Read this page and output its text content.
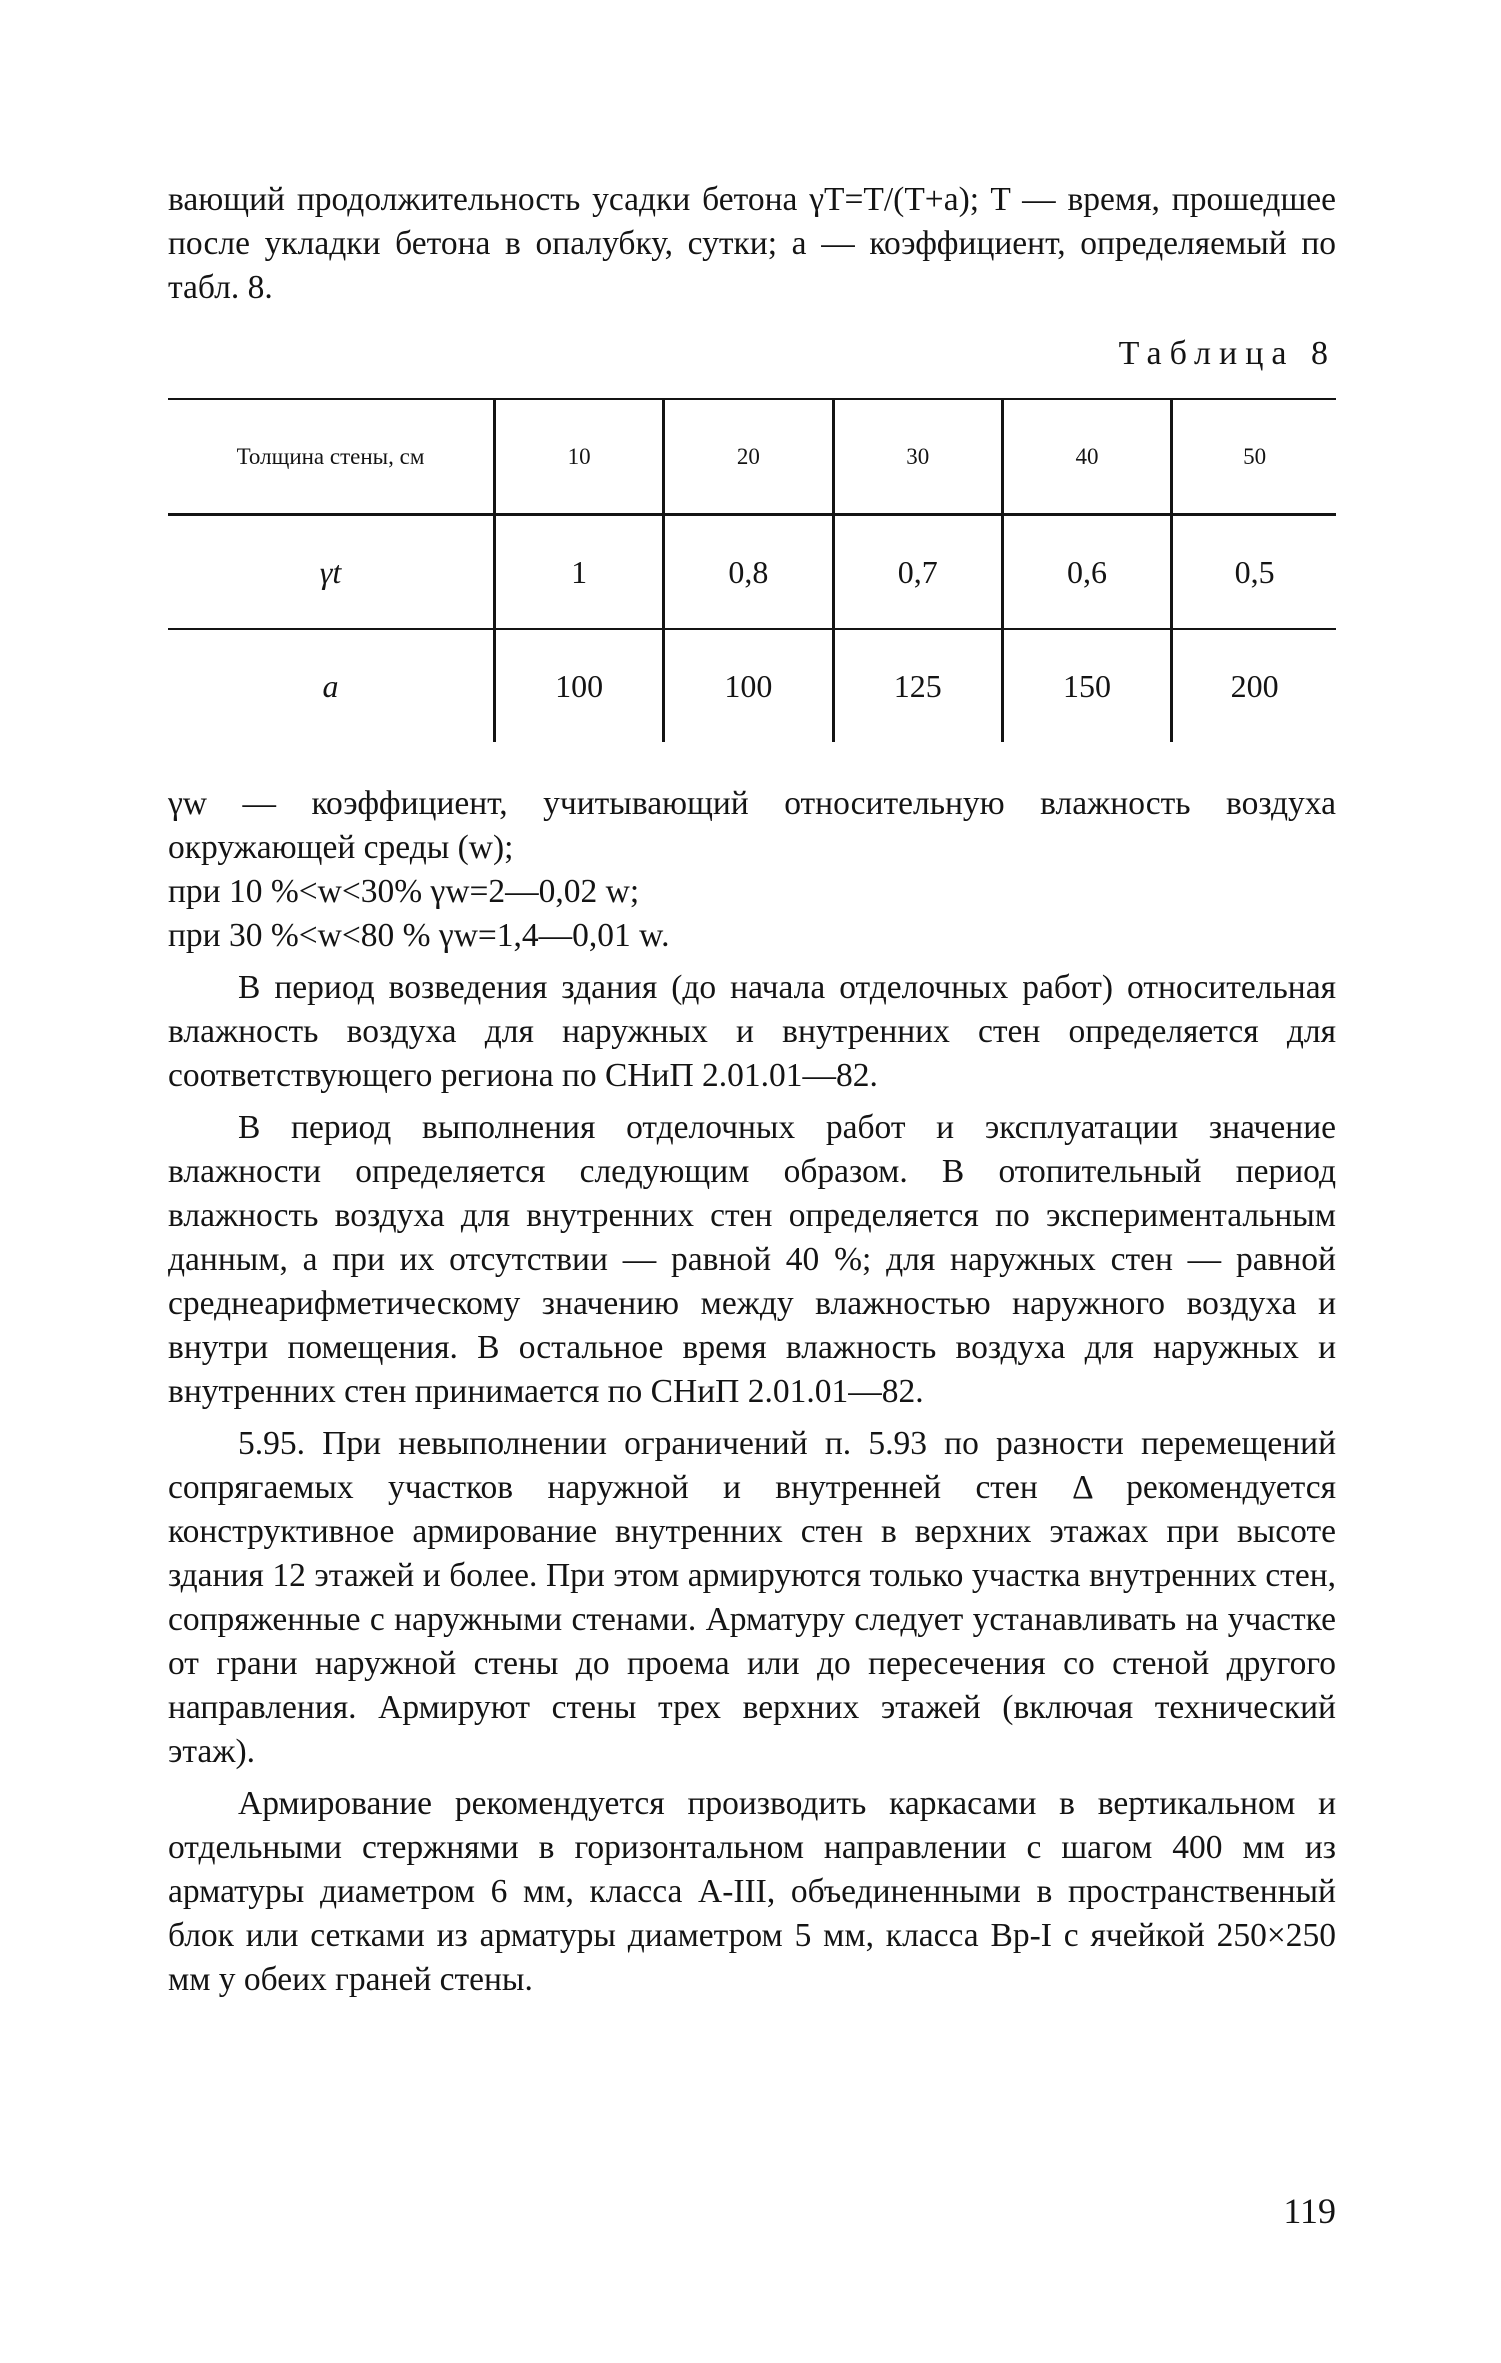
вающий продолжительность усадки бетона γT=T/(T+a); T — время, прошедшее после укладки бетона в опалубку, сутки; a — коэффициент, определяемый по табл. 8.

Таблица 8

Толщина стены, см	10	20	30	40	50
γt	1	0,8	0,7	0,6	0,5
a	100	100	125	150	200

γw — коэффициент, учитывающий относительную влажность воздуха окружающей среды (w);

при 10 %<w<30% γw=2—0,02 w;

при 30 %<w<80 % γw=1,4—0,01 w.

В период возведения здания (до начала отделочных работ) относительная влажность воздуха для наружных и внутренних стен определяется для соответствующего региона по СНиП 2.01.01—82.

В период выполнения отделочных работ и эксплуатации значение влажности определяется следующим образом. В отопительный период влажность воздуха для внутренних стен определяется по экспериментальным данным, а при их отсутствии — равной 40 %; для наружных стен — равной среднеарифметическому значению между влажностью наружного воздуха и внутри помещения. В остальное время влажность воздуха для наружных и внутренних стен принимается по СНиП 2.01.01—82.

5.95. При невыполнении ограничений п. 5.93 по разности перемещений сопрягаемых участков наружной и внутренней стен Δ рекомендуется конструктивное армирование внутренних стен в верхних этажах при высоте здания 12 этажей и более. При этом армируются только участка внутренних стен, сопряженные с наружными стенами. Арматуру следует устанавливать на участке от грани наружной стены до проема или до пересечения со стеной другого направления. Армируют стены трех верхних этажей (включая технический этаж).

Армирование рекомендуется производить каркасами в вертикальном и отдельными стержнями в горизонтальном направлении с шагом 400 мм из арматуры диаметром 6 мм, класса А-III, объединенными в пространственный блок или сетками из арматуры диаметром 5 мм, класса Вр-I с ячейкой 250×250 мм у обеих граней стены.

119
